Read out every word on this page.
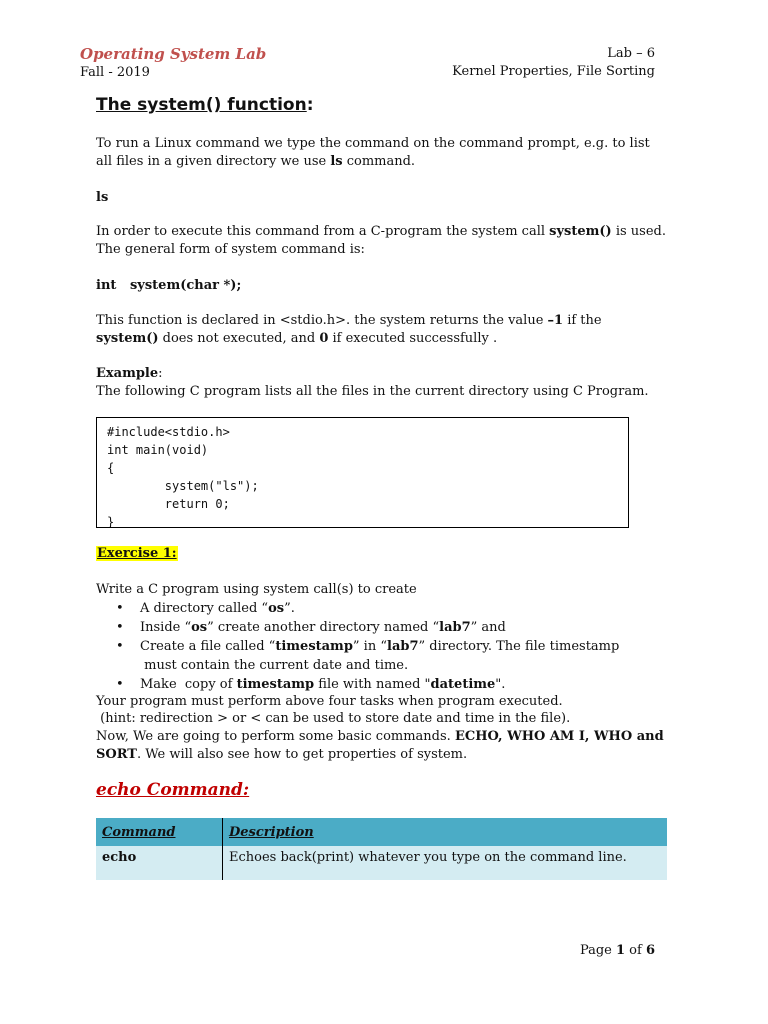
Operating System Lab
Fall - 2019
Lab – 6
Kernel Properties, File Sorting
The system() function:
To run a Linux command we type the command on the command prompt, e.g. to list all files in a given directory we use ls command.
ls
In order to execute this command from a C-program the system call system() is used. The general form of system command is:
int   system(char *);
This function is declared in <stdio.h>. the system returns the value –1 if the system() does not executed, and 0 if executed successfully .
Example:
The following C program lists all the files in the current directory using C Program.
#include<stdio.h>
int main(void)
{
system("ls");
return 0;
}
Exercise 1:
Write a C program using system call(s) to create
• A directory called “os”.
• Inside “os” create another directory named “lab7” and
• Create a file called “timestamp” in “lab7” directory. The file timestamp
must contain the current date and time.
• Make  copy of timestamp file with named "datetime".
Your program must perform above four tasks when program executed.
(hint: redirection > or < can be used to store date and time in the file).
Now, We are going to perform some basic commands. ECHO, WHO AM I, WHO and SORT. We will also see how to get properties of system.
echo Command:
Command	Description
echo	Echoes back(print) whatever you type on the command line.
Page 1 of 6
